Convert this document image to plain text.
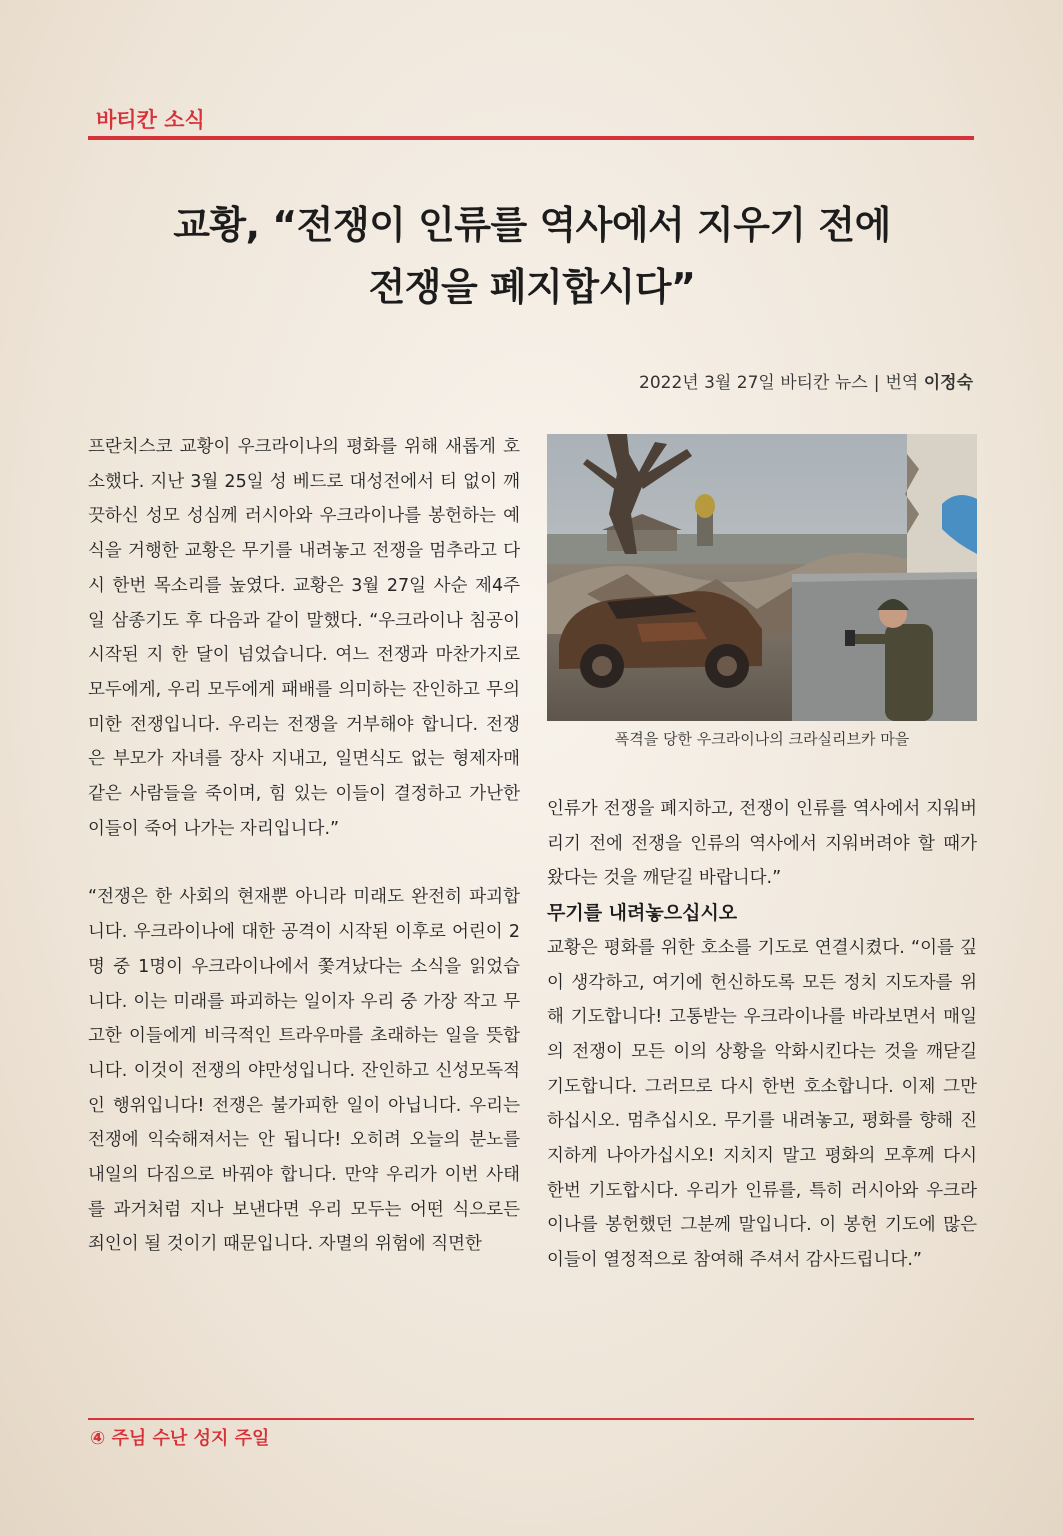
바티칸 소식
교황, “전쟁이 인류를 역사에서 지우기 전에
전쟁을 폐지합시다”
2022년 3월 27일 바티칸 뉴스 | 번역 이정숙

프란치스코 교황이 우크라이나의 평화를 위해 새롭게 호소했다. 지난 3월 25일 성 베드로 대성전에서 티 없이 깨끗하신 성모 성심께 러시아와 우크라이나를 봉헌하는 예식을 거행한 교황은 무기를 내려놓고 전쟁을 멈추라고 다시 한번 목소리를 높였다. 교황은 3월 27일 사순 제4주일 삼종기도 후 다음과 같이 말했다. “우크라이나 침공이 시작된 지 한 달이 넘었습니다. 여느 전쟁과 마찬가지로 모두에게, 우리 모두에게 패배를 의미하는 잔인하고 무의미한 전쟁입니다. 우리는 전쟁을 거부해야 합니다. 전쟁은 부모가 자녀를 장사 지내고, 일면식도 없는 형제자매 같은 사람들을 죽이며, 힘 있는 이들이 결정하고 가난한 이들이 죽어 나가는 자리입니다.”

“전쟁은 한 사회의 현재뿐 아니라 미래도 완전히 파괴합니다. 우크라이나에 대한 공격이 시작된 이후로 어린이 2명 중 1명이 우크라이나에서 쫓겨났다는 소식을 읽었습니다. 이는 미래를 파괴하는 일이자 우리 중 가장 작고 무고한 이들에게 비극적인 트라우마를 초래하는 일을 뜻합니다. 이것이 전쟁의 야만성입니다. 잔인하고 신성모독적인 행위입니다! 전쟁은 불가피한 일이 아닙니다. 우리는 전쟁에 익숙해져서는 안 됩니다! 오히려 오늘의 분노를 내일의 다짐으로 바꿔야 합니다. 만약 우리가 이번 사태를 과거처럼 지나 보낸다면 우리 모두는 어떤 식으로든 죄인이 될 것이기 때문입니다. 자멸의 위험에 직면한

폭격을 당한 우크라이나의 크라실리브카 마을

인류가 전쟁을 폐지하고, 전쟁이 인류를 역사에서 지워버리기 전에 전쟁을 인류의 역사에서 지워버려야 할 때가 왔다는 것을 깨닫길 바랍니다.”

무기를 내려놓으십시오

교황은 평화를 위한 호소를 기도로 연결시켰다. “이를 깊이 생각하고, 여기에 헌신하도록 모든 정치 지도자를 위해 기도합니다! 고통받는 우크라이나를 바라보면서 매일의 전쟁이 모든 이의 상황을 악화시킨다는 것을 깨닫길 기도합니다. 그러므로 다시 한번 호소합니다. 이제 그만하십시오. 멈추십시오. 무기를 내려놓고, 평화를 향해 진지하게 나아가십시오! 지치지 말고 평화의 모후께 다시 한번 기도합시다. 우리가 인류를, 특히 러시아와 우크라이나를 봉헌했던 그분께 말입니다. 이 봉헌 기도에 많은 이들이 열정적으로 참여해 주셔서 감사드립니다.”

④ 주님 수난 성지 주일
